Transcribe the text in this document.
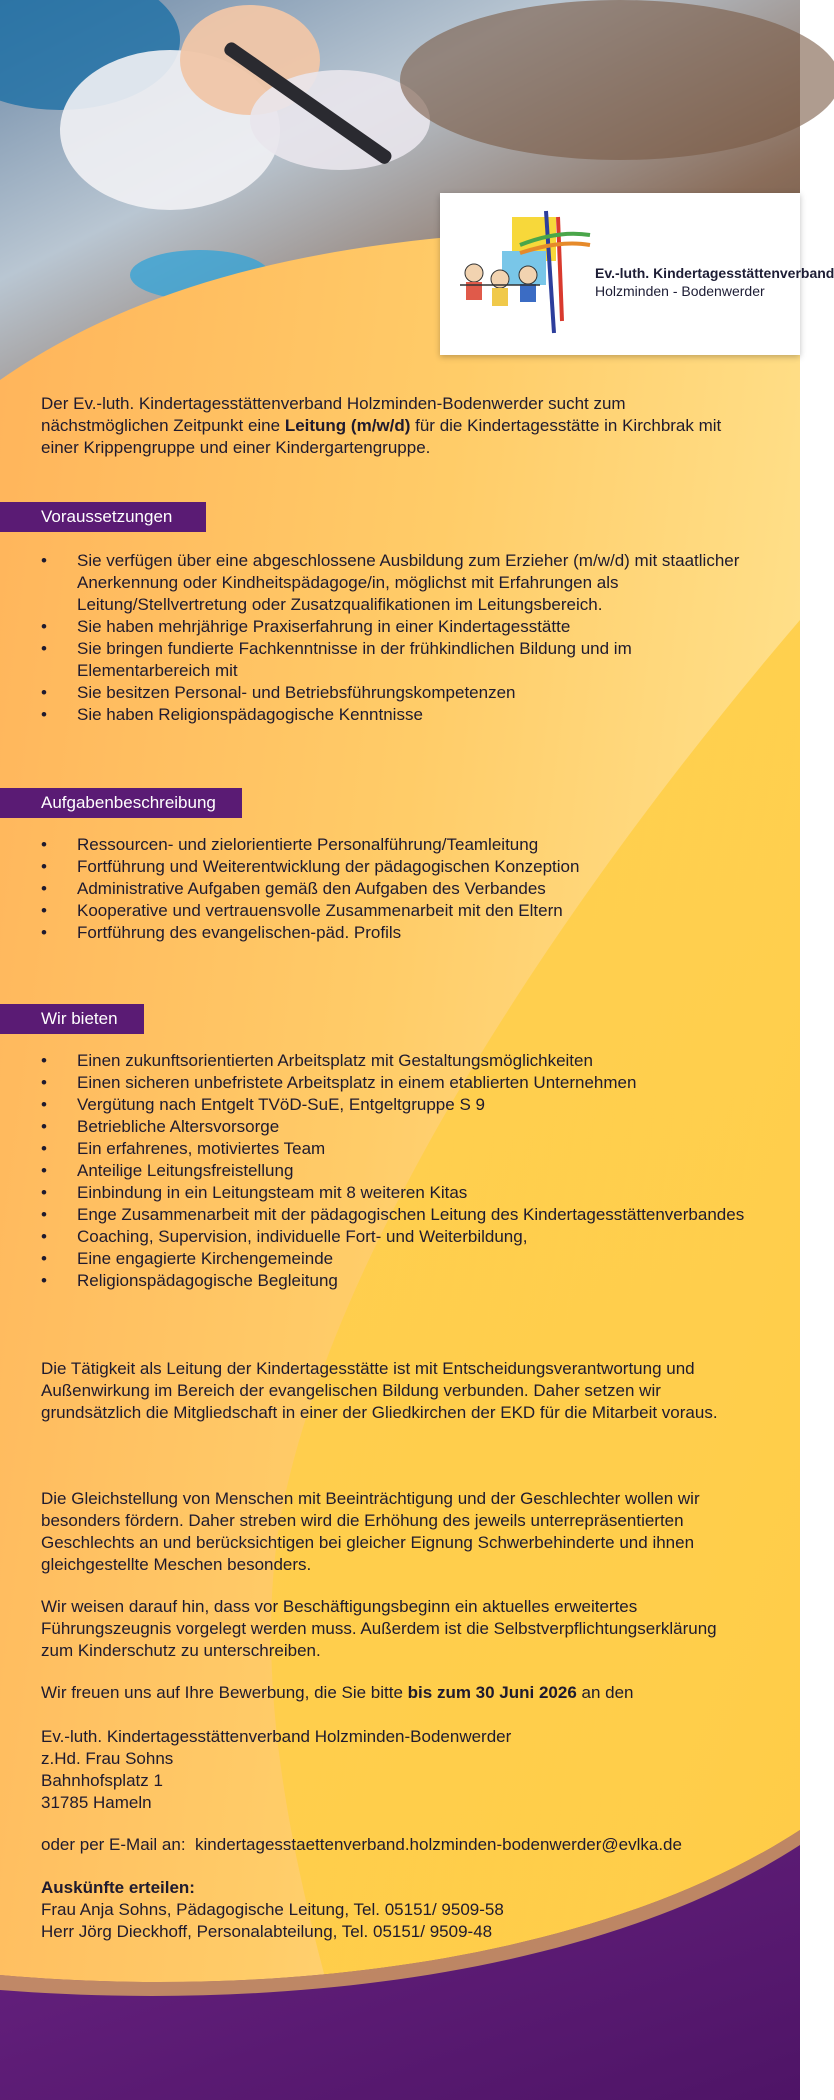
Ev.-luth. Kindertagesstättenverband
Holzminden - Bodenwerder

Der Ev.-luth. Kindertagesstättenverband Holzminden-Bodenwerder sucht zum nächstmöglichen Zeitpunkt eine Leitung (m/w/d) für die Kindertagesstätte in Kirchbrak mit einer Krippengruppe und einer Kindergartengruppe.

Voraussetzungen
• Sie verfügen über eine abgeschlossene Ausbildung zum Erzieher (m/w/d) mit staatlicher Anerkennung oder Kindheitspädagoge/in, möglichst mit Erfahrungen als Leitung/Stellvertretung oder Zusatzqualifikationen im Leitungsbereich.
• Sie haben mehrjährige Praxiserfahrung in einer Kindertagesstätte
• Sie bringen fundierte Fachkenntnisse in der frühkindlichen Bildung und im Elementarbereich mit
• Sie besitzen Personal- und Betriebsführungskompetenzen
• Sie haben Religionspädagogische Kenntnisse
Aufgabenbeschreibung
• Ressourcen- und zielorientierte Personalführung/Teamleitung
• Fortführung und Weiterentwicklung der pädagogischen Konzeption
• Administrative Aufgaben gemäß den Aufgaben des Verbandes
• Kooperative und vertrauensvolle Zusammenarbeit mit den Eltern
• Fortführung des evangelischen-päd. Profils
Wir bieten
• Einen zukunftsorientierten Arbeitsplatz mit Gestaltungsmöglichkeiten
• Einen sicheren unbefristete Arbeitsplatz in einem etablierten Unternehmen
• Vergütung nach Entgelt TVöD-SuE, Entgeltgruppe S 9
• Betriebliche Altersvorsorge
• Ein erfahrenes, motiviertes Team
• Anteilige Leitungsfreistellung
• Einbindung in ein Leitungsteam mit 8 weiteren Kitas
• Enge Zusammenarbeit mit der pädagogischen Leitung des Kindertagesstättenverbandes
• Coaching, Supervision, individuelle Fort- und Weiterbildung,
• Eine engagierte Kirchengemeinde
• Religionspädagogische Begleitung

Die Tätigkeit als Leitung der Kindertagesstätte ist mit Entscheidungsverantwortung und Außenwirkung im Bereich der evangelischen Bildung verbunden. Daher setzen wir grundsätzlich die Mitgliedschaft in einer der Gliedkirchen der EKD für die Mitarbeit voraus.

Die Gleichstellung von Menschen mit Beeinträchtigung und der Geschlechter wollen wir besonders fördern. Daher streben wird die Erhöhung des jeweils unterrepräsentierten Geschlechts an und berücksichtigen bei gleicher Eignung Schwerbehinderte und ihnen gleichgestellte Meschen besonders.

Wir weisen darauf hin, dass vor Beschäftigungsbeginn ein aktuelles erweitertes Führungszeugnis vorgelegt werden muss. Außerdem ist die Selbstverpflichtungserklärung zum Kinderschutz zu unterschreiben.

Wir freuen uns auf Ihre Bewerbung, die Sie bitte bis zum 30 Juni 2026 an den

Ev.-luth. Kindertagesstättenverband Holzminden-Bodenwerder
z.Hd. Frau Sohns
Bahnhofsplatz 1
31785 Hameln

oder per E-Mail an:  kindertagesstaettenverband.holzminden-bodenwerder@evlka.de

Auskünfte erteilen:
Frau Anja Sohns, Pädagogische Leitung, Tel. 05151/ 9509-58
Herr Jörg Dieckhoff, Personalabteilung, Tel. 05151/ 9509-48
